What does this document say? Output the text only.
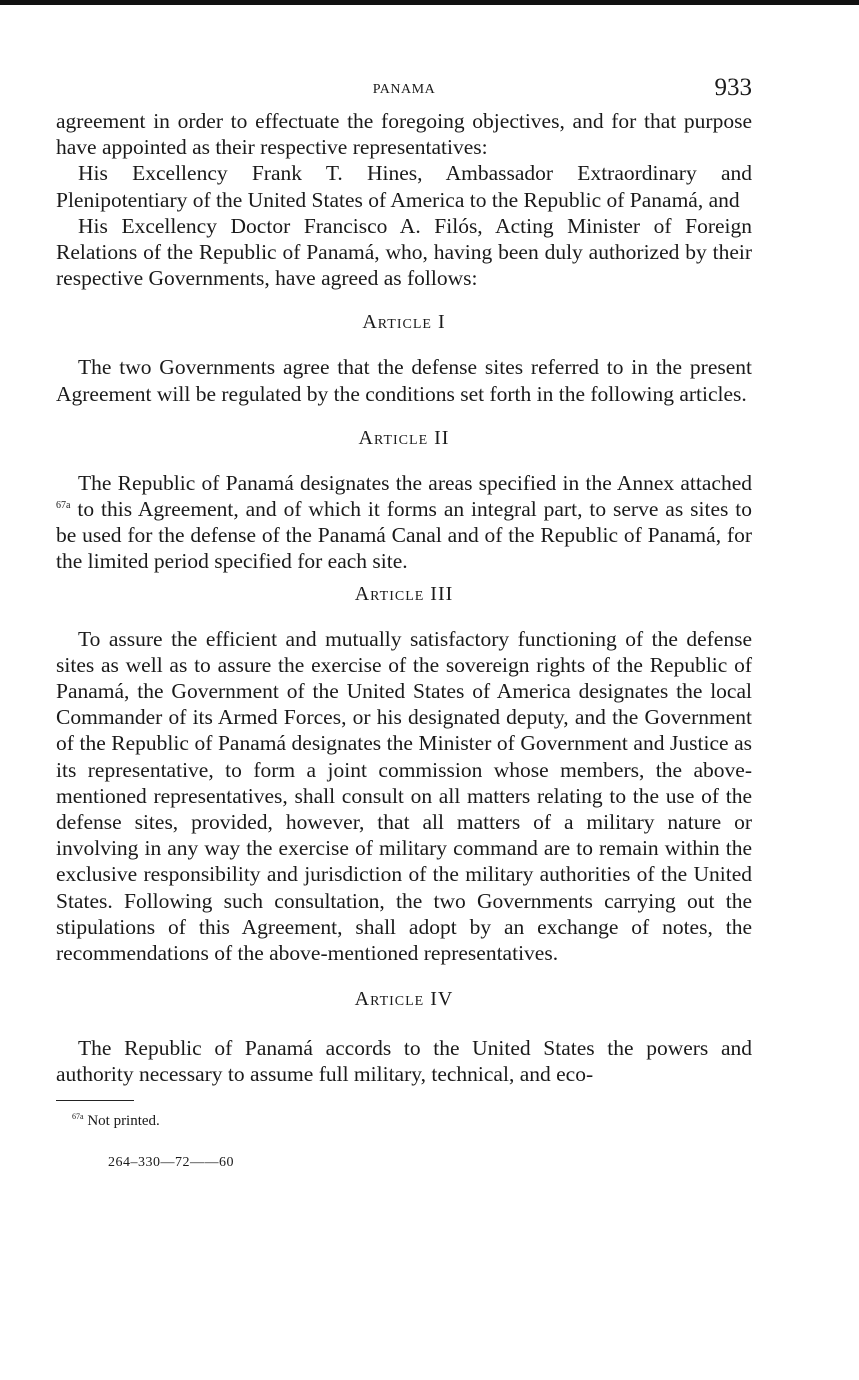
PANAMA	933

agreement in order to effectuate the foregoing objectives, and for that purpose have appointed as their respective representatives:

His Excellency Frank T. Hines, Ambassador Extraordinary and Plenipotentiary of the United States of America to the Republic of Panamá, and

His Excellency Doctor Francisco A. Filós, Acting Minister of Foreign Relations of the Republic of Panamá, who, having been duly authorized by their respective Governments, have agreed as follows:

Article I

The two Governments agree that the defense sites referred to in the present Agreement will be regulated by the conditions set forth in the following articles.

Article II

The Republic of Panamá designates the areas specified in the Annex attached $^{67a}$ to this Agreement, and of which it forms an integral part, to serve as sites to be used for the defense of the Panamá Canal and of the Republic of Panamá, for the limited period specified for each site.

Article III

To assure the efficient and mutually satisfactory functioning of the defense sites as well as to assure the exercise of the sovereign rights of the Republic of Panamá, the Government of the United States of America designates the local Commander of its Armed Forces, or his designated deputy, and the Government of the Republic of Panamá designates the Minister of Government and Justice as its representative, to form a joint commission whose members, the above-mentioned representatives, shall consult on all matters relating to the use of the defense sites, provided, however, that all matters of a military nature or involving in any way the exercise of military command are to remain within the exclusive responsibility and jurisdiction of the military authorities of the United States. Following such consultation, the two Governments carrying out the stipulations of this Agreement, shall adopt by an exchange of notes, the recommendations of the above-mentioned representatives.

Article IV

The Republic of Panamá accords to the United States the powers and authority necessary to assume full military, technical, and eco-

$^{67a}$ Not printed.
264–330—72——60
